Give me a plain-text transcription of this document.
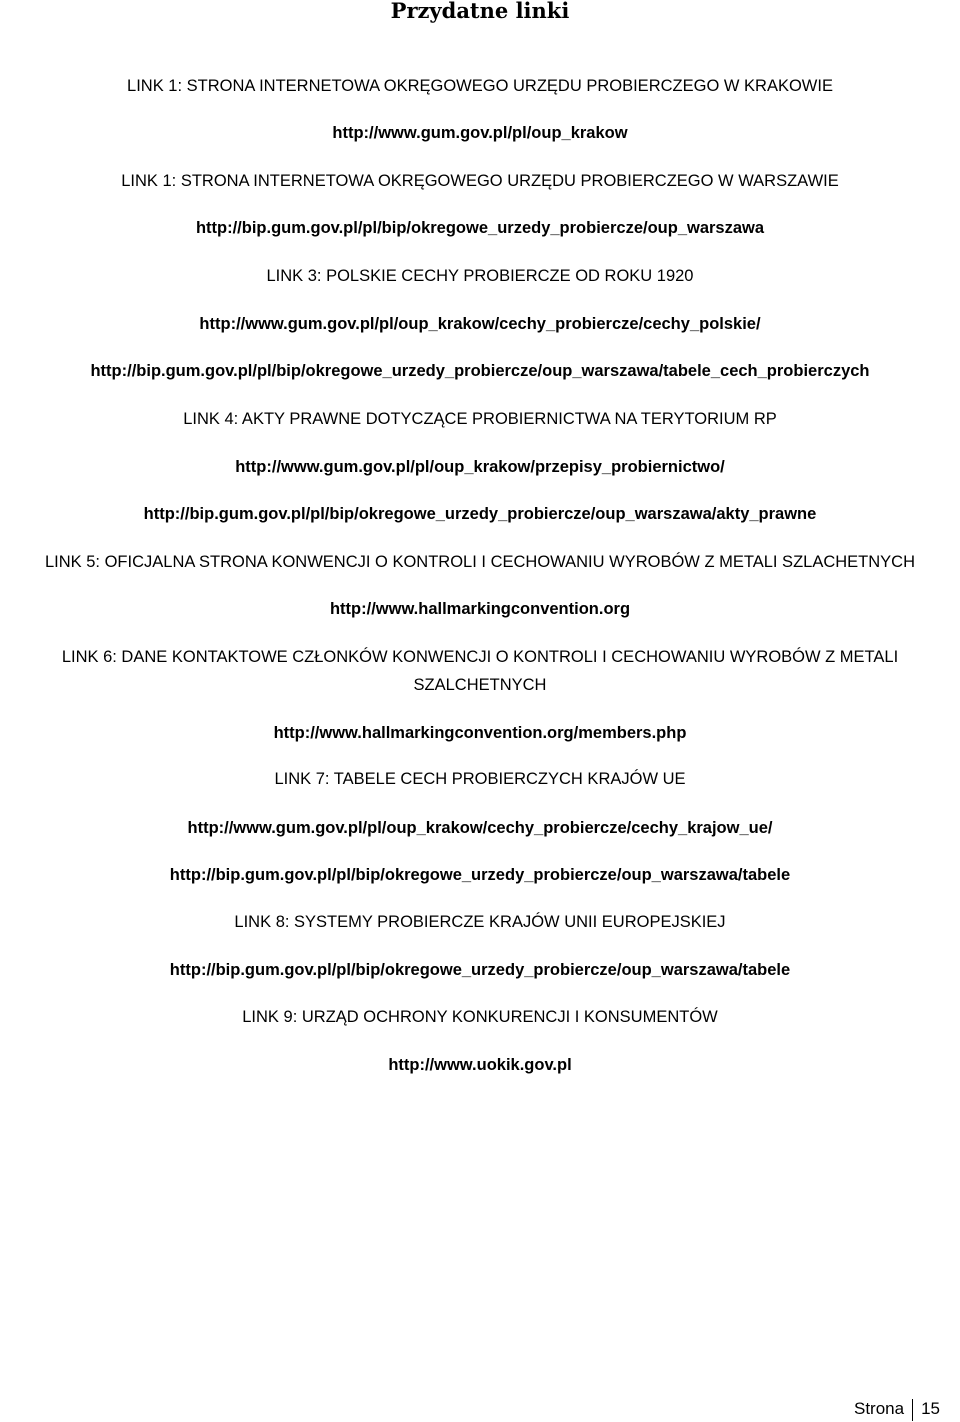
Przydatne linki
LINK 1: STRONA INTERNETOWA OKRĘGOWEGO URZĘDU PROBIERCZEGO W KRAKOWIE
http://www.gum.gov.pl/pl/oup_krakow
LINK 1: STRONA INTERNETOWA OKRĘGOWEGO URZĘDU PROBIERCZEGO W WARSZAWIE
http://bip.gum.gov.pl/pl/bip/okregowe_urzedy_probiercze/oup_warszawa
LINK 3: POLSKIE CECHY PROBIERCZE OD ROKU 1920
http://www.gum.gov.pl/pl/oup_krakow/cechy_probiercze/cechy_polskie/
http://bip.gum.gov.pl/pl/bip/okregowe_urzedy_probiercze/oup_warszawa/tabele_cech_probierczych
LINK 4: AKTY PRAWNE DOTYCZĄCE PROBIERNICTWA NA TERYTORIUM RP
http://www.gum.gov.pl/pl/oup_krakow/przepisy_probiernictwo/
http://bip.gum.gov.pl/pl/bip/okregowe_urzedy_probiercze/oup_warszawa/akty_prawne
LINK 5: OFICJALNA STRONA KONWENCJI O KONTROLI I CECHOWANIU WYROBÓW Z METALI SZLACHETNYCH
http://www.hallmarkingconvention.org
LINK 6: DANE KONTAKTOWE CZŁONKÓW KONWENCJI O KONTROLI I CECHOWANIU WYROBÓW Z METALI SZALCHETNYCH
http://www.hallmarkingconvention.org/members.php
LINK 7: TABELE CECH PROBIERCZYCH KRAJÓW UE
http://www.gum.gov.pl/pl/oup_krakow/cechy_probiercze/cechy_krajow_ue/
http://bip.gum.gov.pl/pl/bip/okregowe_urzedy_probiercze/oup_warszawa/tabele
LINK 8: SYSTEMY PROBIERCZE KRAJÓW UNII EUROPEJSKIEJ
http://bip.gum.gov.pl/pl/bip/okregowe_urzedy_probiercze/oup_warszawa/tabele
LINK 9: URZĄD OCHRONY KONKURENCJI I KONSUMENTÓW
http://www.uokik.gov.pl
Strona 15
